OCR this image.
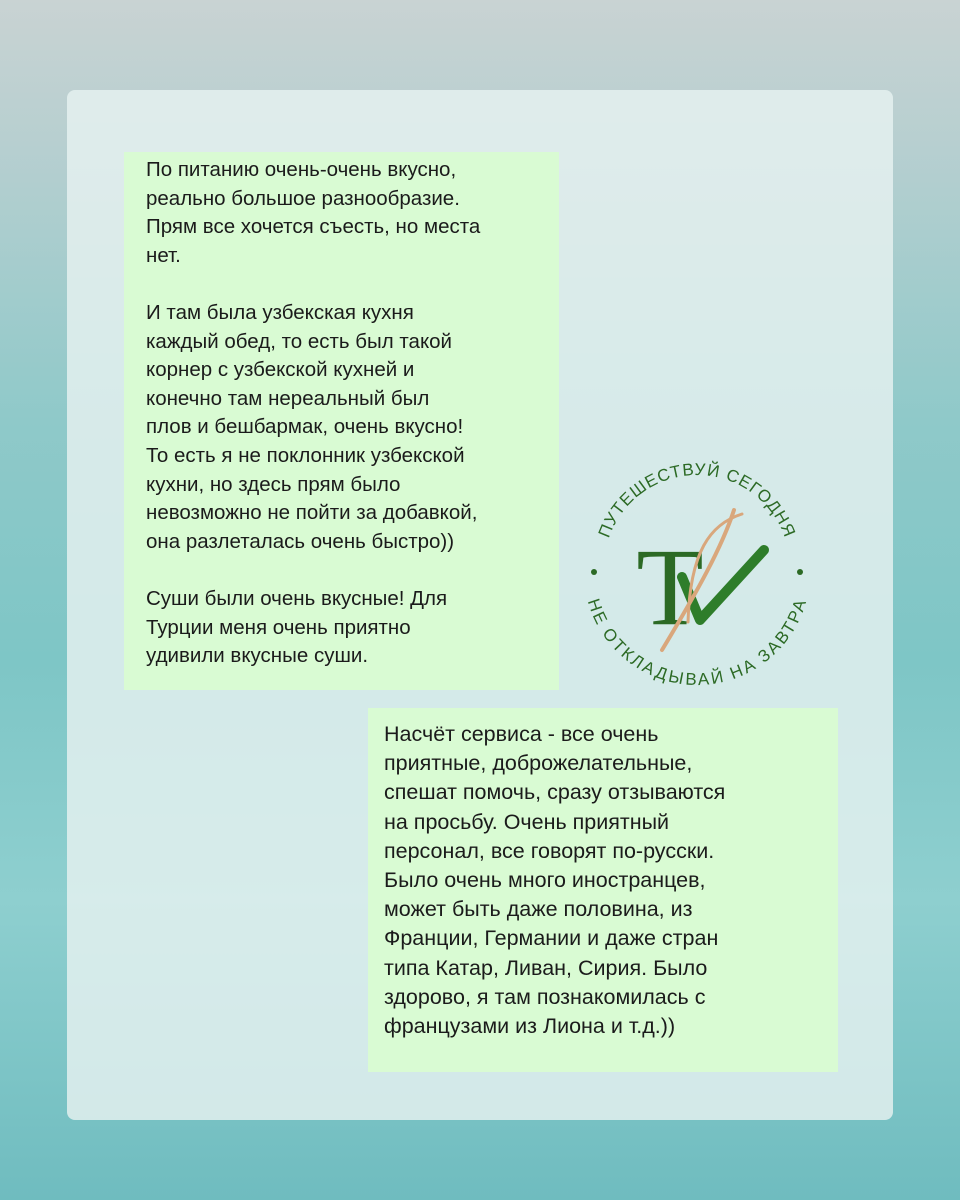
По питанию очень-очень вкусно,
реально большое разнообразие.
Прям все хочется съесть, но места
нет.

И там была узбекская кухня
каждый обед, то есть был такой
корнер с узбекской кухней и
конечно там нереальный был
плов и бешбармак, очень вкусно!
То есть я не поклонник узбекской
кухни, но здесь прям было
невозможно не пойти за добавкой,
она разлеталась очень быстро))

Суши были очень вкусные! Для
Турции меня очень приятно
удивили вкусные суши.
ПУТЕШЕСТВУЙ СЕГОДНЯ
НЕ ОТКЛАДЫВАЙ НА ЗАВТРА
T
Насчёт сервиса - все очень
приятные, доброжелательные,
спешат помочь, сразу отзываются
на просьбу. Очень приятный
персонал, все говорят по-русски.
Было очень много иностранцев,
может быть даже половина, из
Франции, Германии и даже стран
типа Катар, Ливан, Сирия. Было
здорово, я там познакомилась с
французами из Лиона и т.д.))
